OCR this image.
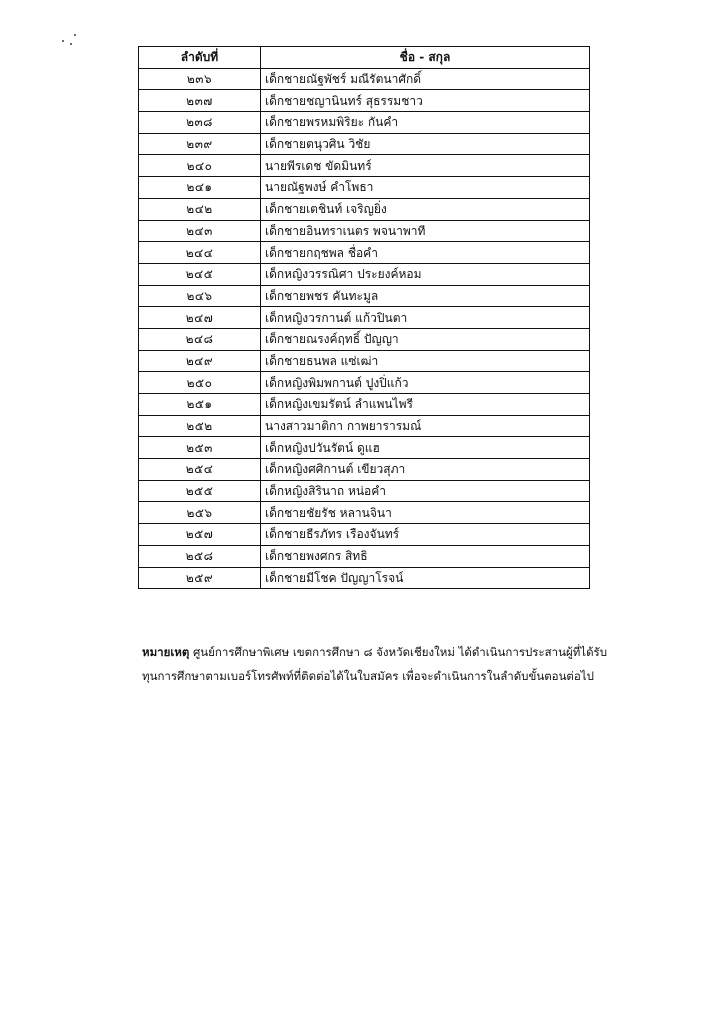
ลำดับที่	ชื่อ - สกุล
๒๓๖	เด็กชายณัฐพัชร์ มณีรัตนาศักดิ์
๒๓๗	เด็กชายชญานินทร์ สุธรรมชาว
๒๓๘	เด็กชายพรหมพิริยะ กันคำ
๒๓๙	เด็กชายตนุวศิน วิชัย
๒๔๐	นายพีรเดช ขัดมินทร์
๒๔๑	นายณัฐพงษ์ คำโพธา
๒๔๒	เด็กชายเตชินท์ เจริญยิ่ง
๒๔๓	เด็กชายอินทราเนตร พจนาพาที
๒๔๔	เด็กชายกฤชพล ชื่อคำ
๒๔๕	เด็กหญิงวรรณิศา ประยงค์หอม
๒๔๖	เด็กชายพชร คันทะมูล
๒๔๗	เด็กหญิงวรกานต์ แก้วปินตา
๒๔๘	เด็กชายณรงค์ฤทธิ์ ปัญญา
๒๔๙	เด็กชายธนพล แซ่เฒ่า
๒๕๐	เด็กหญิงพิมพกานต์ ปูงปิ่แก้ว
๒๕๑	เด็กหญิงเขมรัตน์ ลำแพนไพรี
๒๕๒	นางสาวมาติกา กาพยารารมณ์
๒๕๓	เด็กหญิงปวันรัตน์ ดูแฮ
๒๕๔	เด็กหญิงศศิกานต์ เขียวสุภา
๒๕๕	เด็กหญิงสิรินาถ หน่อคำ
๒๕๖	เด็กชายชัยรัช หลานจินา
๒๕๗	เด็กชายธีรภัทร เรืองจันทร์
๒๕๘	เด็กชายพงศกร สิทธิ
๒๕๙	เด็กชายมีโชค ปัญญาโรจน์
หมายเหตุ ศูนย์การศึกษาพิเศษ เขตการศึกษา ๘ จังหวัดเชียงใหม่ ได้ดำเนินการประสานผู้ที่ได้รับ
ทุนการศึกษาตามเบอร์โทรศัพท์ที่ติดต่อได้ในใบสมัคร เพื่อจะดำเนินการในลำดับขั้นตอนต่อไป
